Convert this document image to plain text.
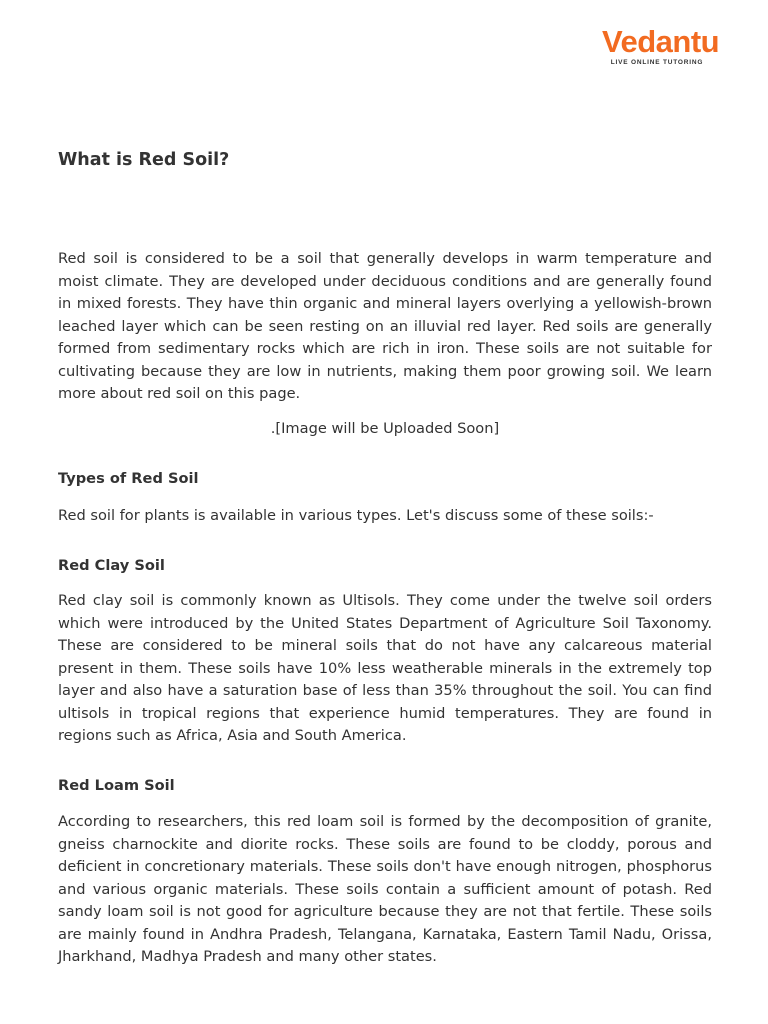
Vedantu
LIVE ONLINE TUTORING
What is Red Soil?

Red soil is considered to be a soil that generally develops in warm temperature and moist climate. They are developed under deciduous conditions and are generally found in mixed forests. They have thin organic and mineral layers overlying a yellowish-brown leached layer which can be seen resting on an illuvial red layer. Red soils are generally formed from sedimentary rocks which are rich in iron. These soils are not suitable for cultivating because they are low in nutrients, making them poor growing soil. We learn more about red soil on this page.

.[Image will be Uploaded Soon]

Types of Red Soil

Red soil for plants is available in various types. Let's discuss some of these soils:-

Red Clay Soil

Red clay soil is commonly known as Ultisols. They come under the twelve soil orders which were introduced by the United States Department of Agriculture Soil Taxonomy. These are considered to be mineral soils that do not have any calcareous material present in them. These soils have 10% less weatherable minerals in the extremely top layer and also have a saturation base of less than 35% throughout the soil. You can find ultisols in tropical regions that experience humid temperatures. They are found in regions such as Africa, Asia and South America.

Red Loam Soil

According to researchers, this red loam soil is formed by the decomposition of granite, gneiss charnockite and diorite rocks. These soils are found to be cloddy, porous and deficient in concretionary materials. These soils don't have enough nitrogen, phosphorus and various organic materials. These soils contain a sufficient amount of potash. Red sandy loam soil is not good for agriculture because they are not that fertile. These soils are mainly found in Andhra Pradesh, Telangana, Karnataka, Eastern Tamil Nadu, Orissa, Jharkhand, Madhya Pradesh and many other states.
